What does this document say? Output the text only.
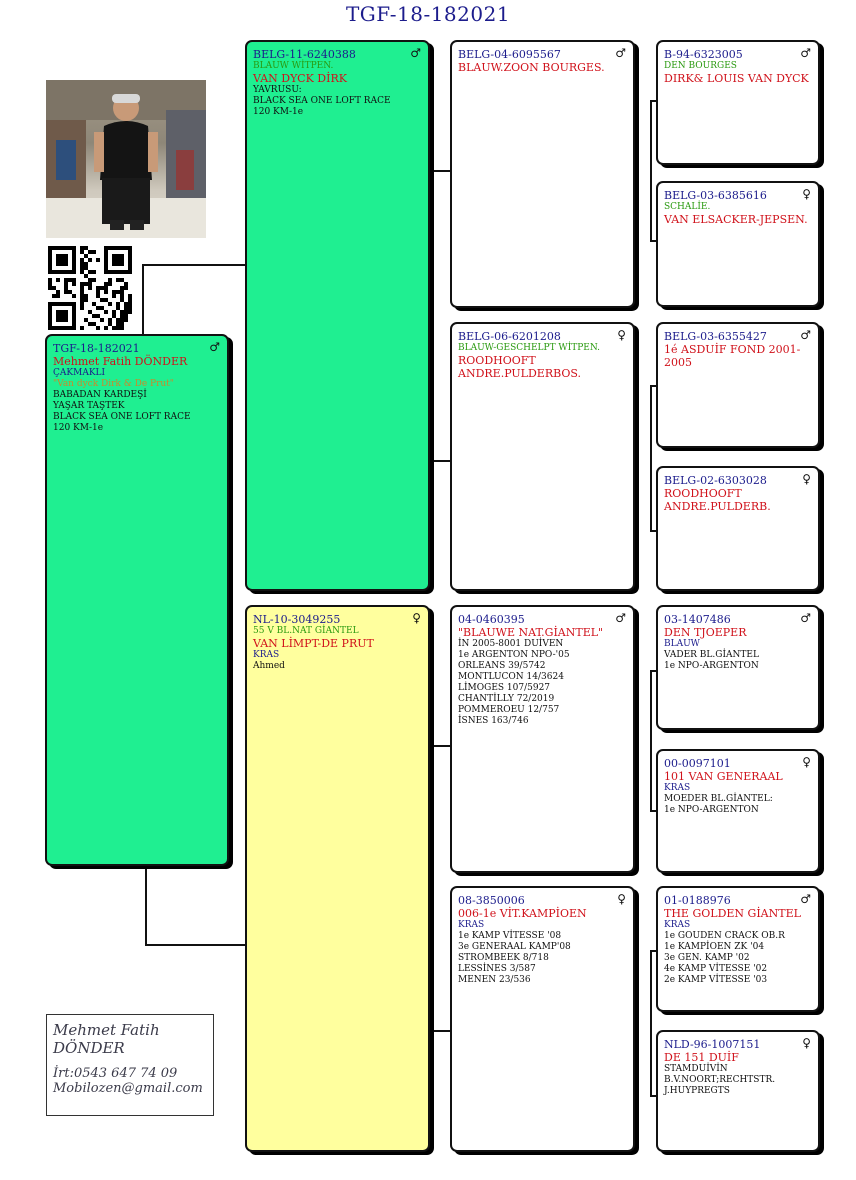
TGF-18-182021
♂
TGF-18-182021
Mehmet Fatih DÖNDER
ÇAKMAKLI
"Van dyck Dirk & De Prut"
BABADAN KARDEŞİ
YAŞAR TAŞTEK
BLACK SEA ONE LOFT RACE
120 KM-1e
♂
BELG-11-6240388
BLAUW WİTPEN.
VAN DYCK DİRK
YAVRUSU:
BLACK SEA ONE LOFT RACE
120 KM-1e
♀
NL-10-3049255
55 V BL.NAT GİANTEL
VAN LİMPT-DE PRUT
KRAS
Ahmed
♂
BELG-04-6095567
BLAUW.ZOON BOURGES.
♀
BELG-06-6201208
BLAUW-GESCHELPT WİTPEN.
ROODHOOFT
ANDRE.PULDERBOS.
♂
04-0460395
"BLAUWE NAT.GİANTEL"
İN 2005-8001 DUİVEN
1e ARGENTON NPO-'05
ORLEANS 39/5742
MONTLUCON 14/3624
LİMOGES 107/5927
CHANTİLLY 72/2019
POMMEROEU 12/757
İSNES 163/746
♀
08-3850006
006-1e VİT.KAMPİOEN
KRAS
1e KAMP VİTESSE '08
3e GENERAAL KAMP'08
STROMBEEK 8/718
LESSİNES 3/587
MENEN 23/536
♂
B-94-6323005
DEN BOURGES
DIRK& LOUIS VAN DYCK
♀
BELG-03-6385616
SCHALİE.
VAN ELSACKER-JEPSEN.
♂
BELG-03-6355427
1é ASDUİF FOND 2001-2005
♀
BELG-02-6303028
ROODHOOFT
ANDRE.PULDERB.
♂
03-1407486
DEN TJOEPER
BLAUW
VADER BL.GİANTEL
1e NPO-ARGENTON
♀
00-0097101
101 VAN GENERAAL
KRAS
MOEDER BL.GİANTEL:
1e NPO-ARGENTON
♂
01-0188976
THE GOLDEN GİANTEL
KRAS
1e GOUDEN CRACK OB.R
1e KAMPİOEN ZK '04
3e GEN. KAMP '02
4e KAMP VİTESSE '02
2e KAMP VİTESSE '03
♀
NLD-96-1007151
DE 151 DUİF
STAMDUİVİN
B.V.NOORT;RECHTSTR.
J.HUYPREGTS
Mehmet Fatih
DÖNDER
İrt:0543 647 74 09
Mobilozen@gmail.com
